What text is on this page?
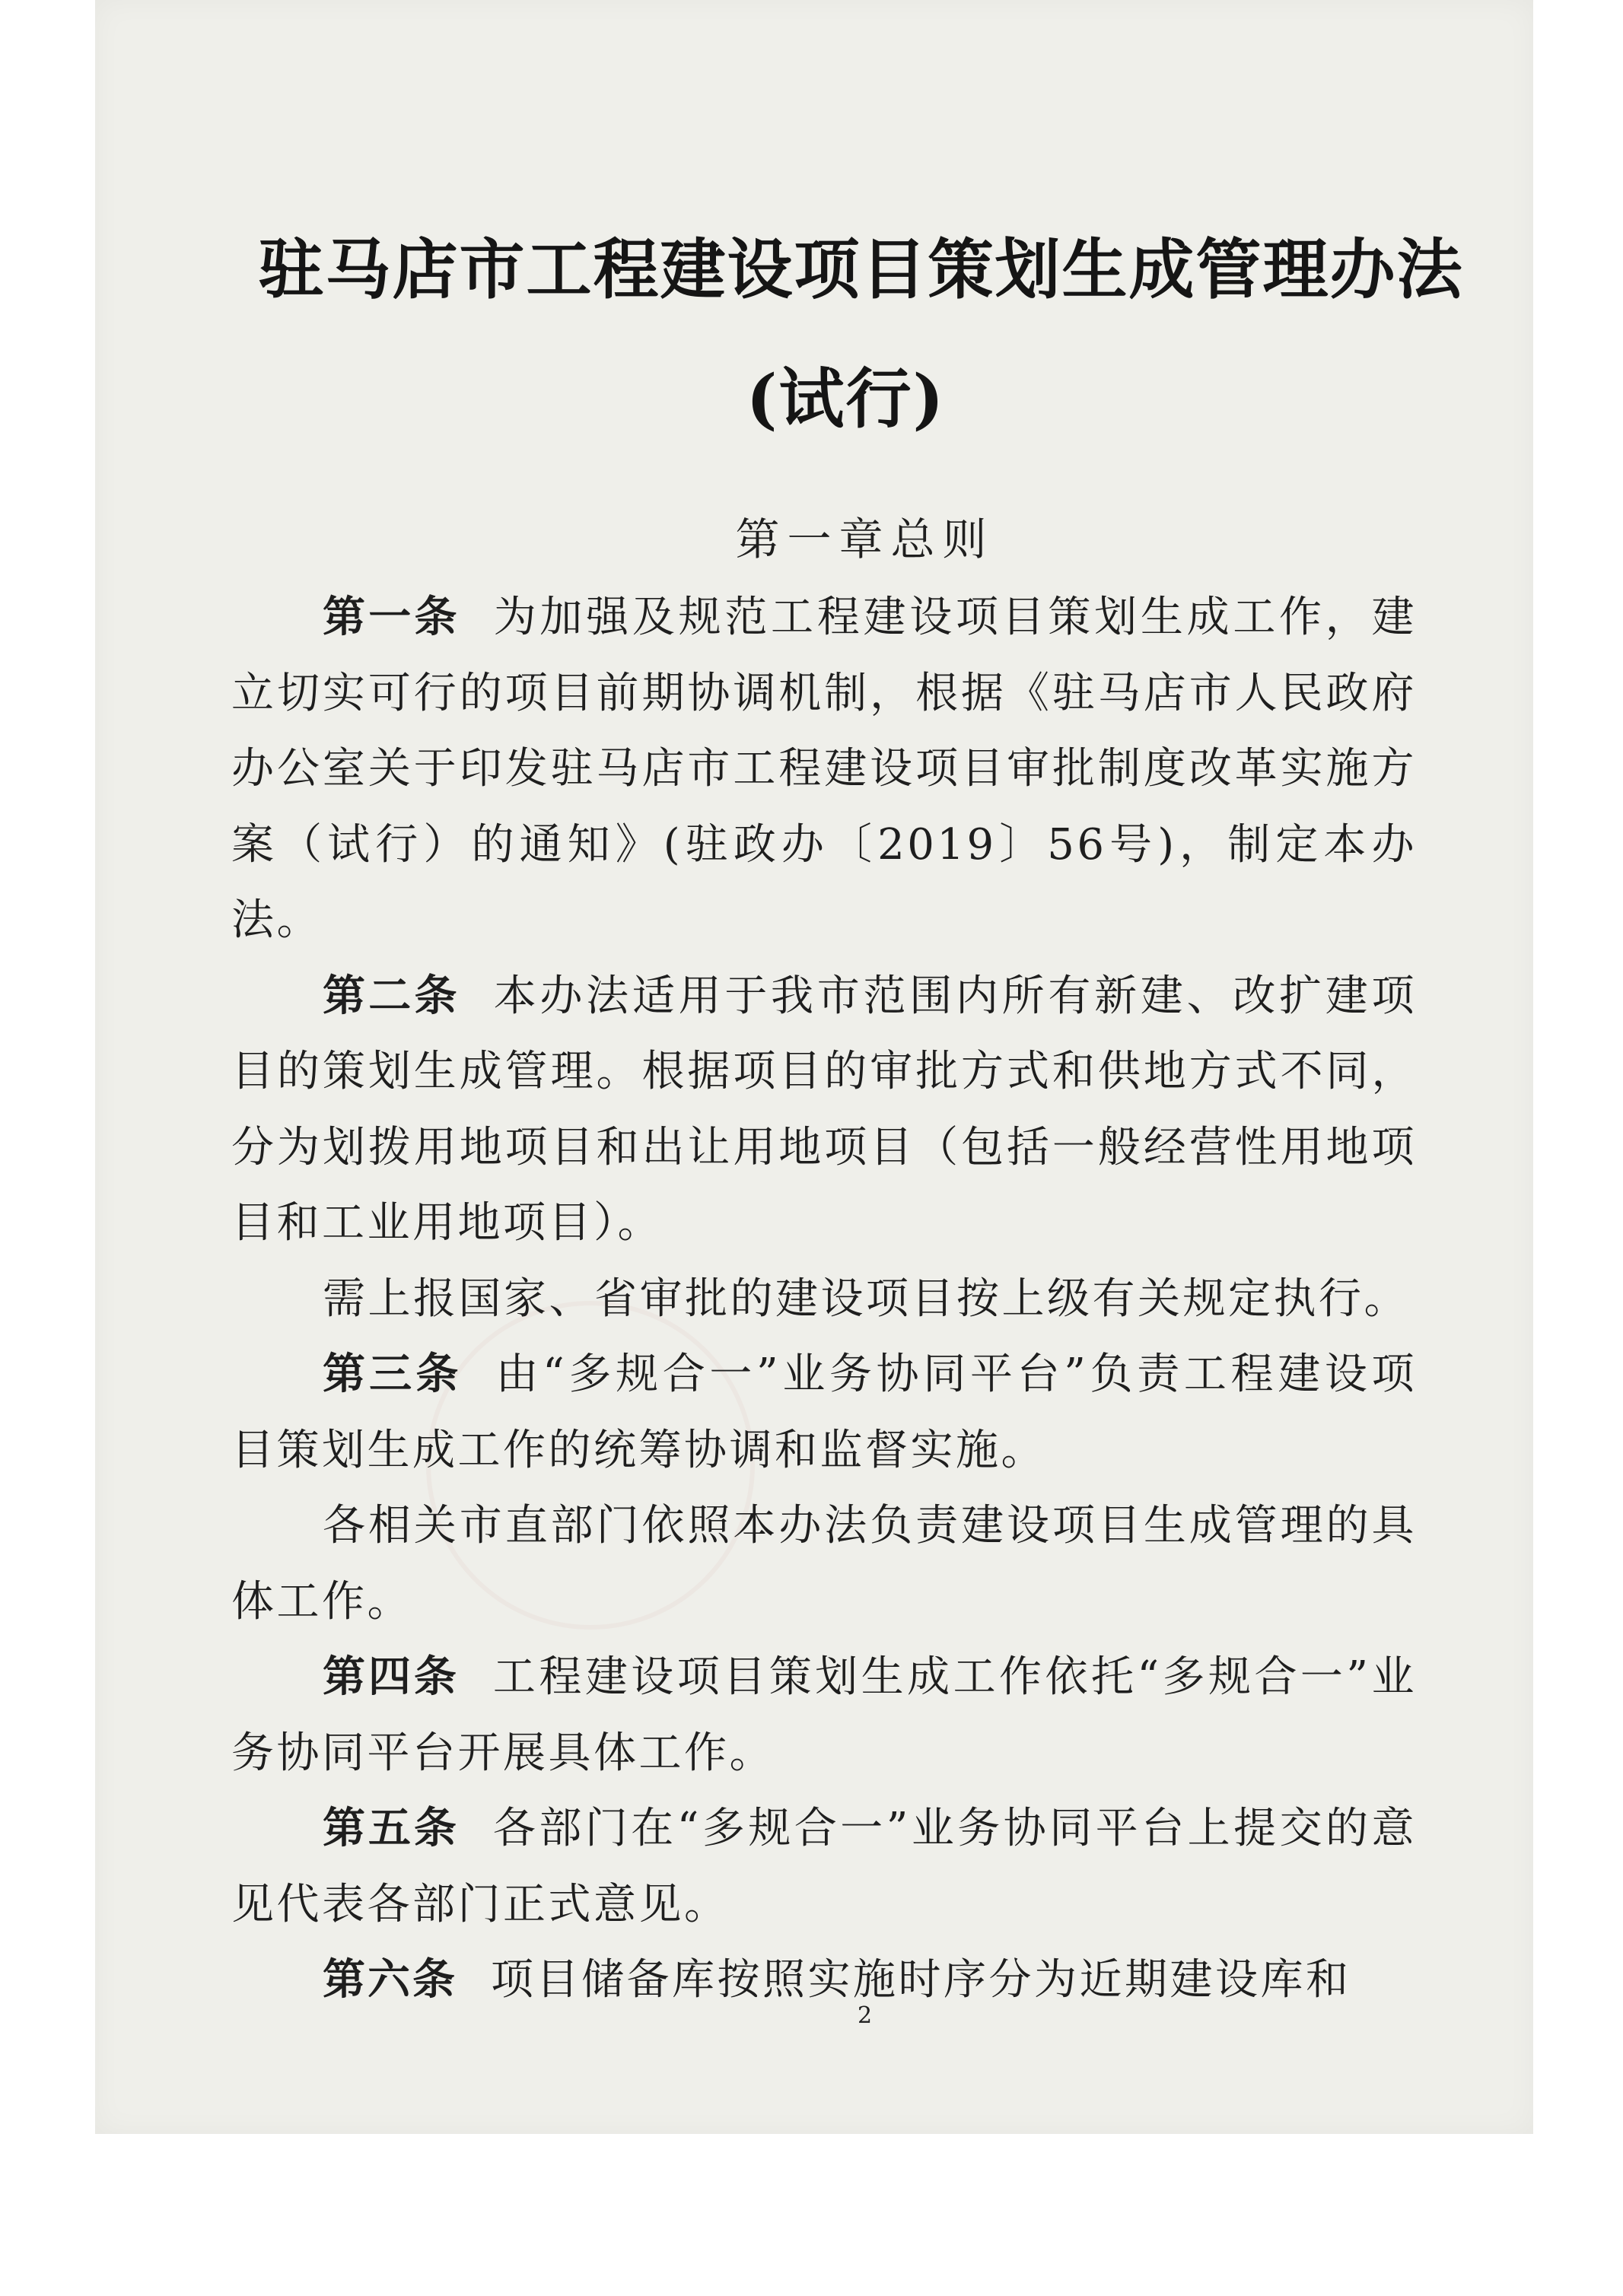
驻马店市工程建设项目策划生成管理办法
(试行)
第一章总则

第一条 为加强及规范工程建设项目策划生成工作，建立切实可行的项目前期协调机制，根据《驻马店市人民政府办公室关于印发驻马店市工程建设项目审批制度改革实施方案（试行）的通知》(驻政办〔2019〕56号)，制定本办法。

第二条 本办法适用于我市范围内所有新建、改扩建项目的策划生成管理。根据项目的审批方式和供地方式不同，分为划拨用地项目和出让用地项目（包括一般经营性用地项目和工业用地项目）。

需上报国家、省审批的建设项目按上级有关规定执行。

第三条 由“多规合一”业务协同平台”负责工程建设项目策划生成工作的统筹协调和监督实施。

各相关市直部门依照本办法负责建设项目生成管理的具体工作。

第四条 工程建设项目策划生成工作依托“多规合一”业务协同平台开展具体工作。

第五条 各部门在“多规合一”业务协同平台上提交的意见代表各部门正式意见。

第六条 项目储备库按照实施时序分为近期建设库和

2
